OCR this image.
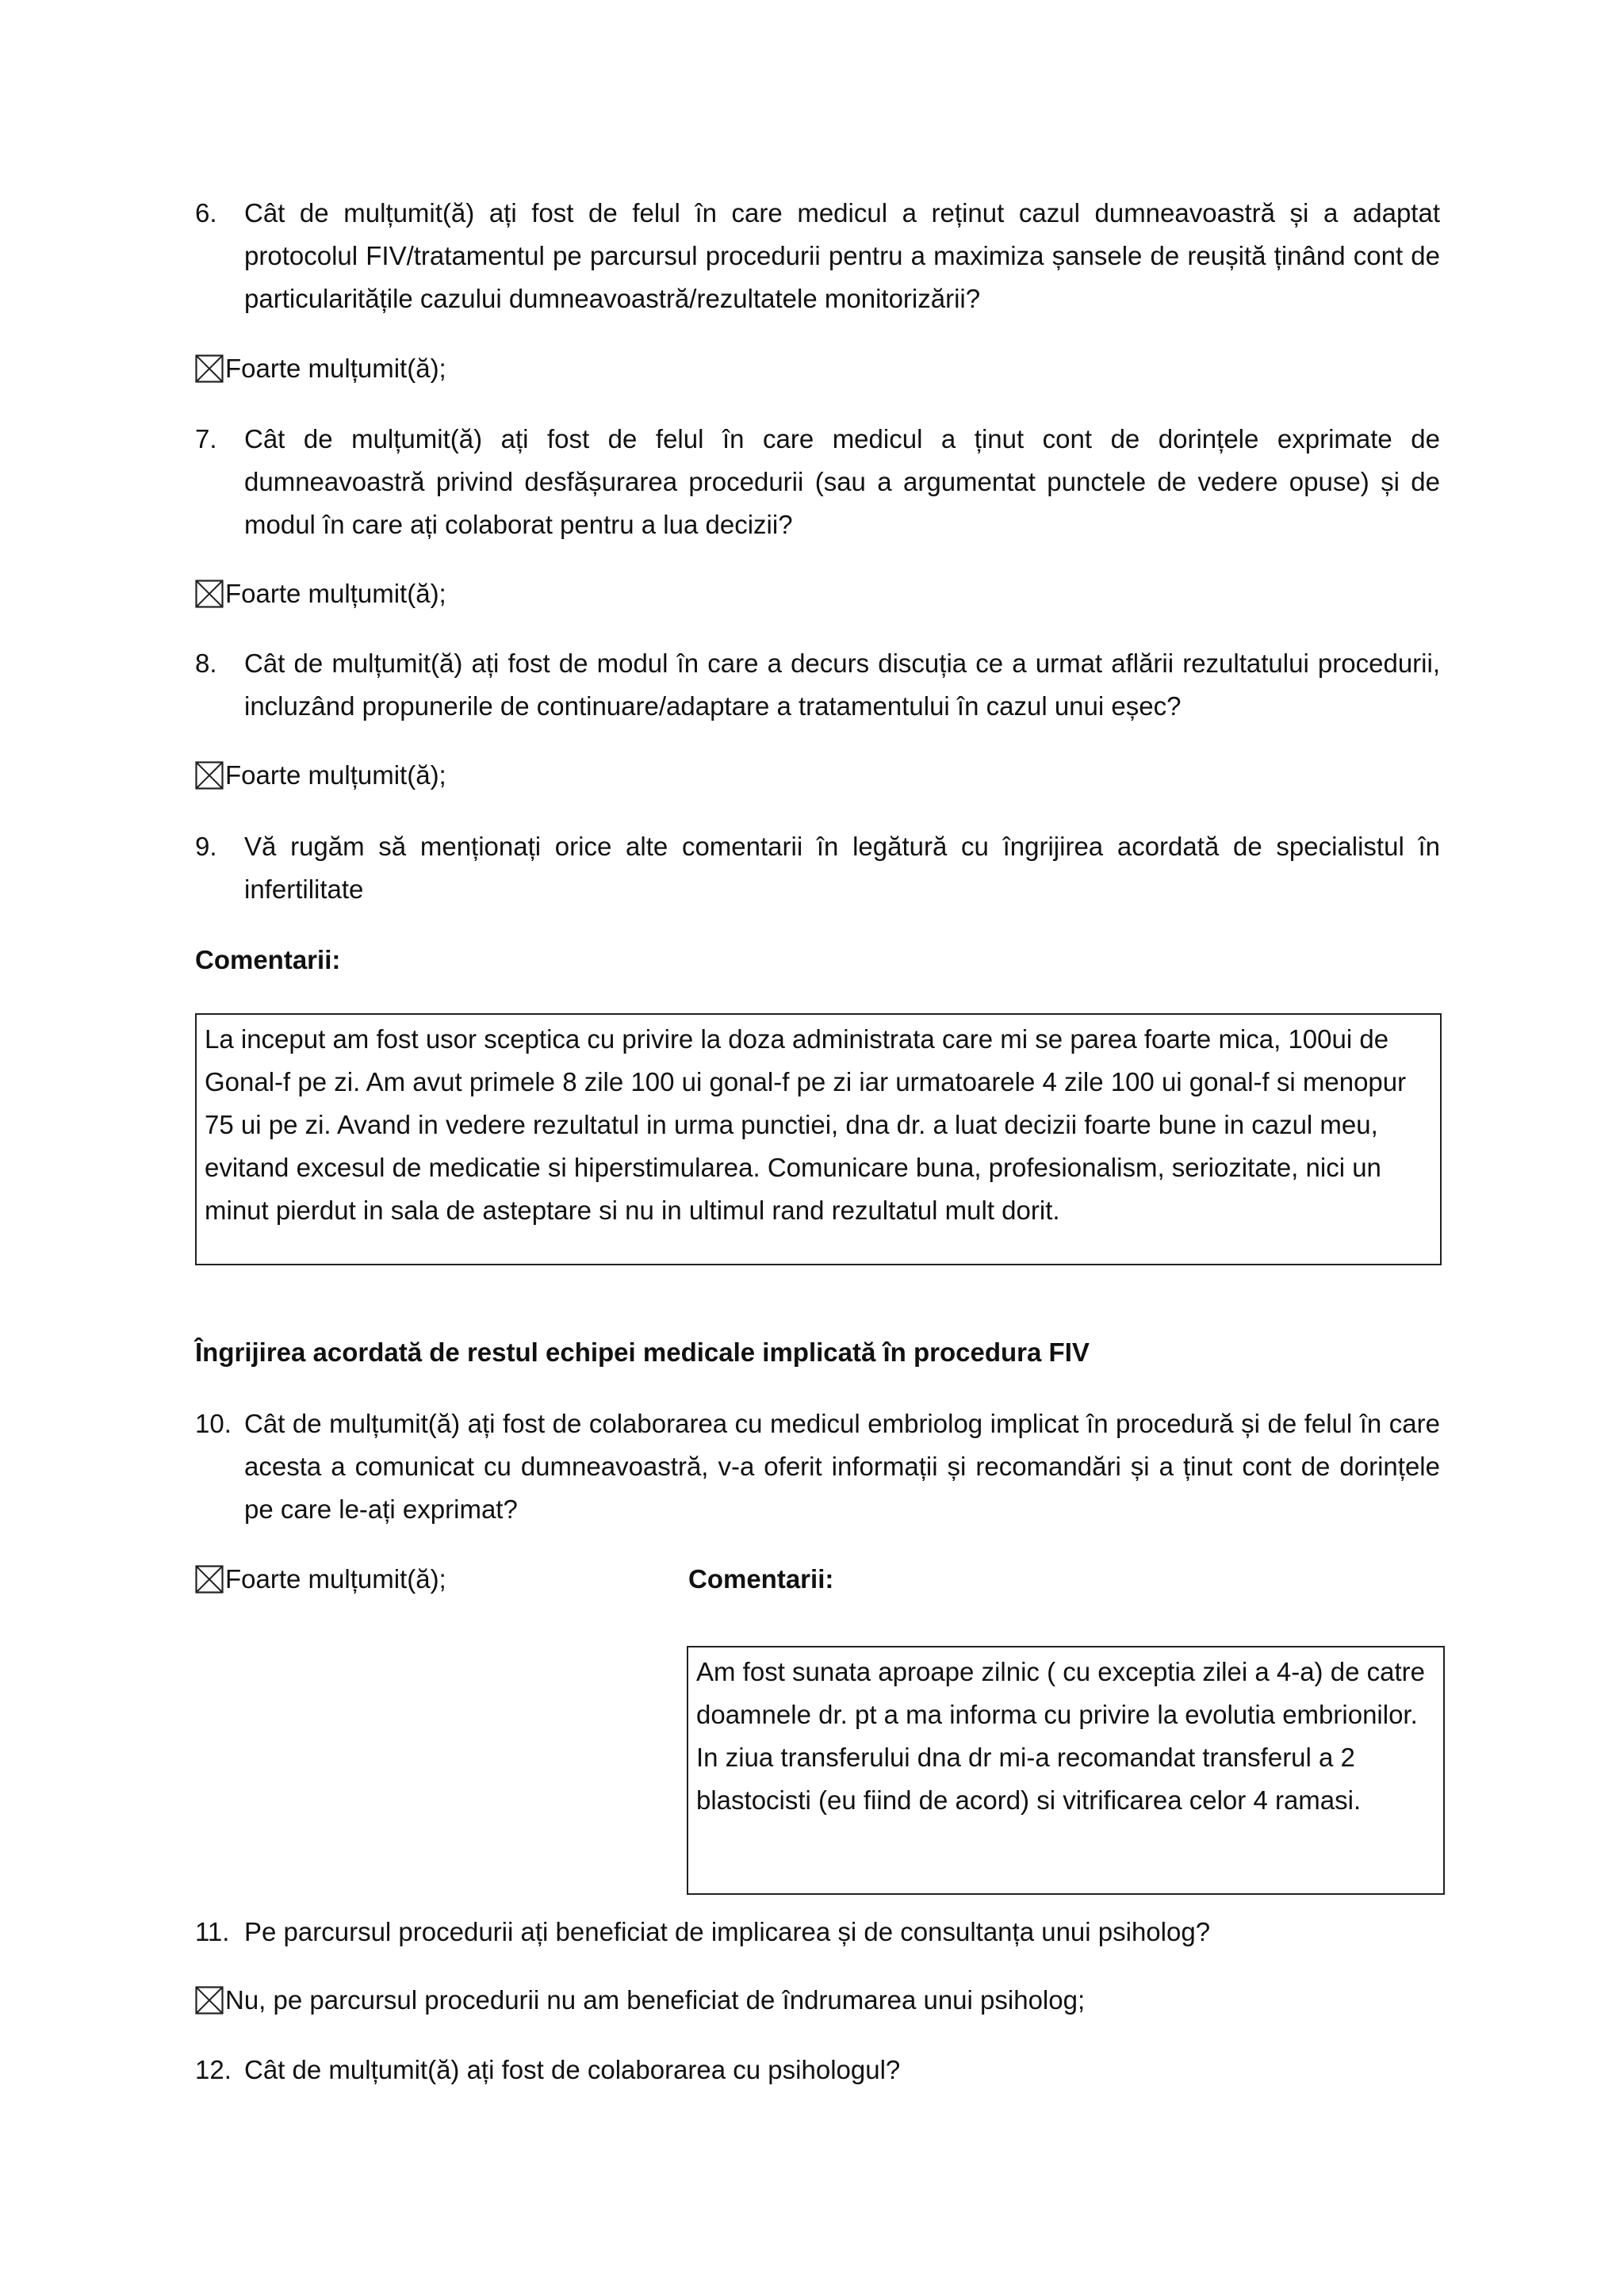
6.	Cât de mulțumit(ă) ați fost de felul în care medicul a reținut cazul dumneavoastră și a adaptat protocolul FIV/tratamentul pe parcursul procedurii pentru a maximiza șansele de reușită ținând cont de particularitățile cazului dumneavoastră/rezultatele monitorizării?
Foarte mulțumit(ă);
7.	Cât de mulțumit(ă) ați fost de felul în care medicul a ținut cont de dorințele exprimate de dumneavoastră privind desfășurarea procedurii (sau a argumentat punctele de vedere opuse) și de modul în care ați colaborat pentru a lua decizii?
Foarte mulțumit(ă);
8.	Cât de mulțumit(ă) ați fost de modul în care a decurs discuția ce a urmat aflării rezultatului procedurii, incluzând propunerile de continuare/adaptare a tratamentului în cazul unui eșec?
Foarte mulțumit(ă);
9.	Vă rugăm să menționați orice alte comentarii în legătură cu îngrijirea acordată de specialistul în infertilitate
Comentarii:
La inceput am fost usor sceptica cu privire la doza administrata care mi se parea foarte mica, 100ui de Gonal-f pe zi. Am avut primele 8 zile 100 ui gonal-f pe zi iar urmatoarele 4 zile 100 ui gonal-f si menopur 75 ui pe zi. Avand in vedere rezultatul in urma punctiei, dna dr. a luat decizii foarte bune in cazul meu, evitand excesul de medicatie si hiperstimularea. Comunicare buna, profesionalism, seriozitate, nici un minut pierdut in sala de asteptare si nu in ultimul rand rezultatul mult dorit.
Îngrijirea acordată de restul echipei medicale implicată în procedura FIV
10. Cât de mulțumit(ă) ați fost de colaborarea cu medicul embriolog implicat în procedură și de felul în care acesta a comunicat cu dumneavoastră, v-a oferit informații și recomandări și a ținut cont de dorințele pe care le-ați exprimat?
Foarte mulțumit(ă);	Comentarii:
Am fost sunata aproape zilnic ( cu exceptia zilei a 4-a) de catre doamnele dr. pt a ma informa cu privire la evolutia embrionilor. In ziua transferului dna dr mi-a recomandat transferul a 2 blastocisti (eu fiind de acord) si vitrificarea celor 4 ramasi.
11. Pe parcursul procedurii ați beneficiat de implicarea și de consultanța unui psiholog?
Nu, pe parcursul procedurii nu am beneficiat de îndrumarea unui psiholog;
12. Cât de mulțumit(ă) ați fost de colaborarea cu psihologul?
